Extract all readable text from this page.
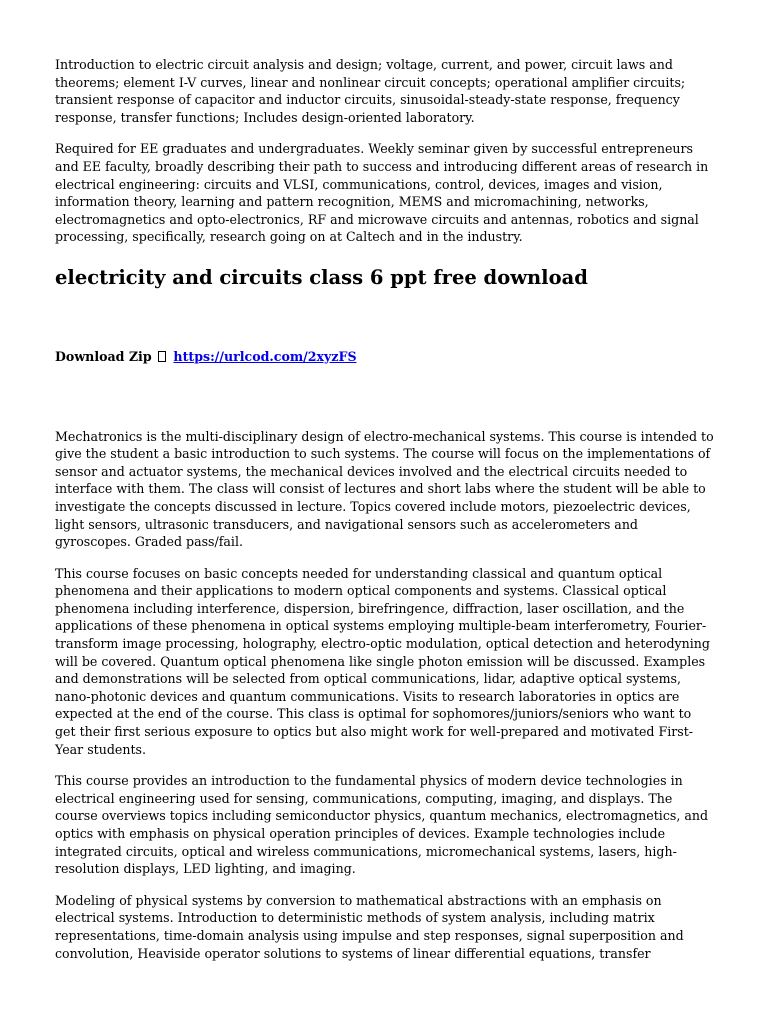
Introduction to electric circuit analysis and design; voltage, current, and power, circuit laws and theorems; element I-V curves, linear and nonlinear circuit concepts; operational amplifier circuits; transient response of capacitor and inductor circuits, sinusoidal-steady-state response, frequency response, transfer functions; Includes design-oriented laboratory.

Required for EE graduates and undergraduates. Weekly seminar given by successful entrepreneurs and EE faculty, broadly describing their path to success and introducing different areas of research in electrical engineering: circuits and VLSI, communications, control, devices, images and vision, information theory, learning and pattern recognition, MEMS and micromachining, networks, electromagnetics and opto-electronics, RF and microwave circuits and antennas, robotics and signal processing, specifically, research going on at Caltech and in the industry.

electricity and circuits class 6 ppt free download
Download Zip https://urlcod.com/2xyzFS

Mechatronics is the multi-disciplinary design of electro-mechanical systems. This course is intended to give the student a basic introduction to such systems. The course will focus on the implementations of sensor and actuator systems, the mechanical devices involved and the electrical circuits needed to interface with them. The class will consist of lectures and short labs where the student will be able to investigate the concepts discussed in lecture. Topics covered include motors, piezoelectric devices, light sensors, ultrasonic transducers, and navigational sensors such as accelerometers and gyroscopes. Graded pass/fail.

This course focuses on basic concepts needed for understanding classical and quantum optical phenomena and their applications to modern optical components and systems. Classical optical phenomena including interference, dispersion, birefringence, diffraction, laser oscillation, and the applications of these phenomena in optical systems employing multiple-beam interferometry, Fourier-transform image processing, holography, electro-optic modulation, optical detection and heterodyning will be covered. Quantum optical phenomena like single photon emission will be discussed. Examples and demonstrations will be selected from optical communications, lidar, adaptive optical systems, nano-photonic devices and quantum communications. Visits to research laboratories in optics are expected at the end of the course. This class is optimal for sophomores/juniors/seniors who want to get their first serious exposure to optics but also might work for well-prepared and motivated First-Year students.

This course provides an introduction to the fundamental physics of modern device technologies in electrical engineering used for sensing, communications, computing, imaging, and displays. The course overviews topics including semiconductor physics, quantum mechanics, electromagnetics, and optics with emphasis on physical operation principles of devices. Example technologies include integrated circuits, optical and wireless communications, micromechanical systems, lasers, high-resolution displays, LED lighting, and imaging.

Modeling of physical systems by conversion to mathematical abstractions with an emphasis on electrical systems. Introduction to deterministic methods of system analysis, including matrix representations, time-domain analysis using impulse and step responses, signal superposition and convolution, Heaviside operator solutions to systems of linear differential equations, transfer
